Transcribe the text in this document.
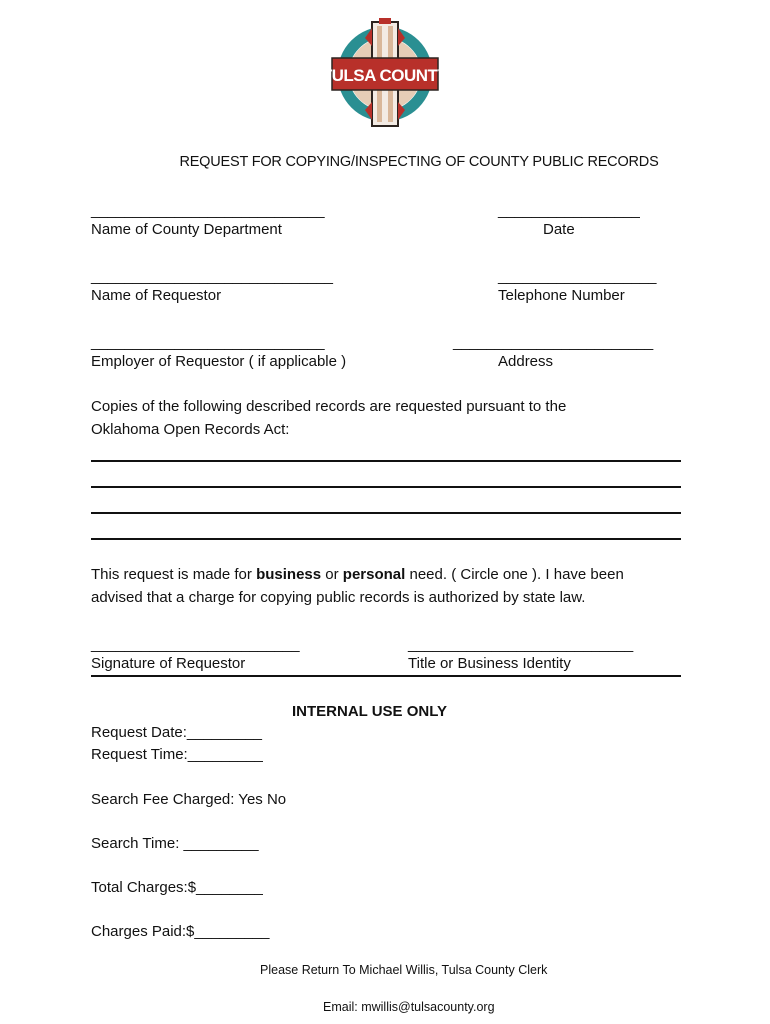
TULSA COUNTY
REQUEST FOR COPYING/INSPECTING OF COUNTY PUBLIC RECORDS
____________________________
Name of County Department
_________________
Date
_____________________________
Name of Requestor
___________________
Telephone Number
____________________________
Employer of Requestor ( if applicable )
________________________
Address
Copies of the following described records are requested pursuant to the
Oklahoma Open Records Act:
This request is made for business or personal need. ( Circle one ). I have been
advised that a charge for copying public records is authorized by state law.
_________________________
Signature of Requestor
___________________________
Title or Business Identity
INTERNAL USE ONLY
Request Date:_________
Request Time:_________
Search Fee Charged: Yes No
Search Time: _________
Total Charges:$________
Charges Paid:$_________
Please Return To Michael Willis, Tulsa County Clerk
Email: mwillis@tulsacounty.org
